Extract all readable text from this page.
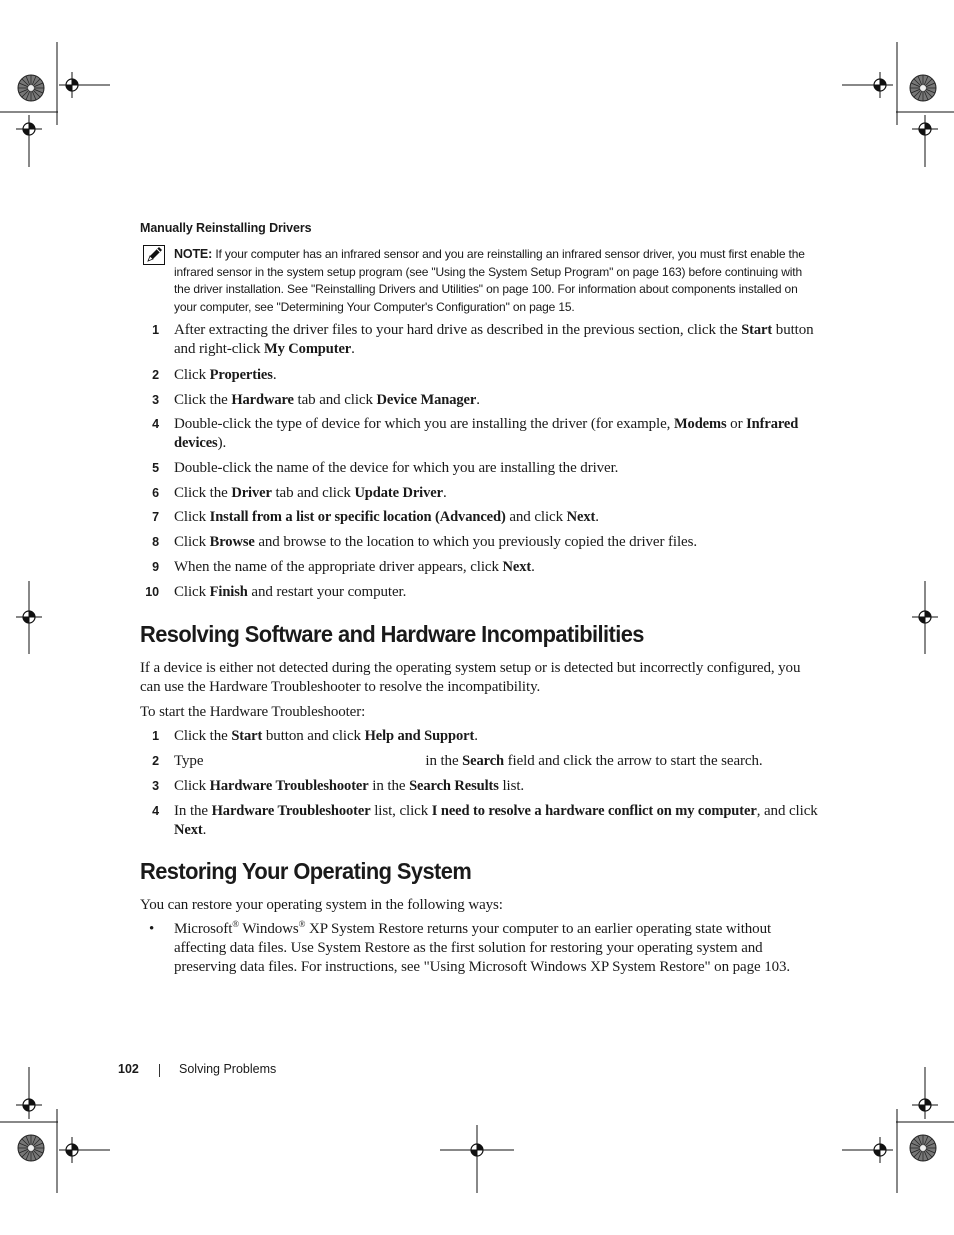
Manually Reinstalling Drivers
NOTE: If your computer has an infrared sensor and you are reinstalling an infrared sensor driver, you must first enable the infrared sensor in the system setup program (see "Using the System Setup Program" on page 163) before continuing with the driver installation. See "Reinstalling Drivers and Utilities" on page 100. For information about components installed on your computer, see "Determining Your Computer's Configuration" on page 15.
1 After extracting the driver files to your hard drive as described in the previous section, click the Start button and right-click My Computer.
2 Click Properties.
3 Click the Hardware tab and click Device Manager.
4 Double-click the type of device for which you are installing the driver (for example, Modems or Infrared devices).
5 Double-click the name of the device for which you are installing the driver.
6 Click the Driver tab and click Update Driver.
7 Click Install from a list or specific location (Advanced) and click Next.
8 Click Browse and browse to the location to which you previously copied the driver files.
9 When the name of the appropriate driver appears, click Next.
10 Click Finish and restart your computer.
Resolving Software and Hardware Incompatibilities
If a device is either not detected during the operating system setup or is detected but incorrectly configured, you can use the Hardware Troubleshooter to resolve the incompatibility.
To start the Hardware Troubleshooter:
1 Click the Start button and click Help and Support.
2 Type	in the Search field and click the arrow to start the search.
3 Click Hardware Troubleshooter in the Search Results list.
4 In the Hardware Troubleshooter list, click I need to resolve a hardware conflict on my computer, and click Next.
Restoring Your Operating System
You can restore your operating system in the following ways:
• Microsoft® Windows® XP System Restore returns your computer to an earlier operating state without affecting data files. Use System Restore as the first solution for restoring your operating system and preserving data files. For instructions, see "Using Microsoft Windows XP System Restore" on page 103.
102	Solving Problems
